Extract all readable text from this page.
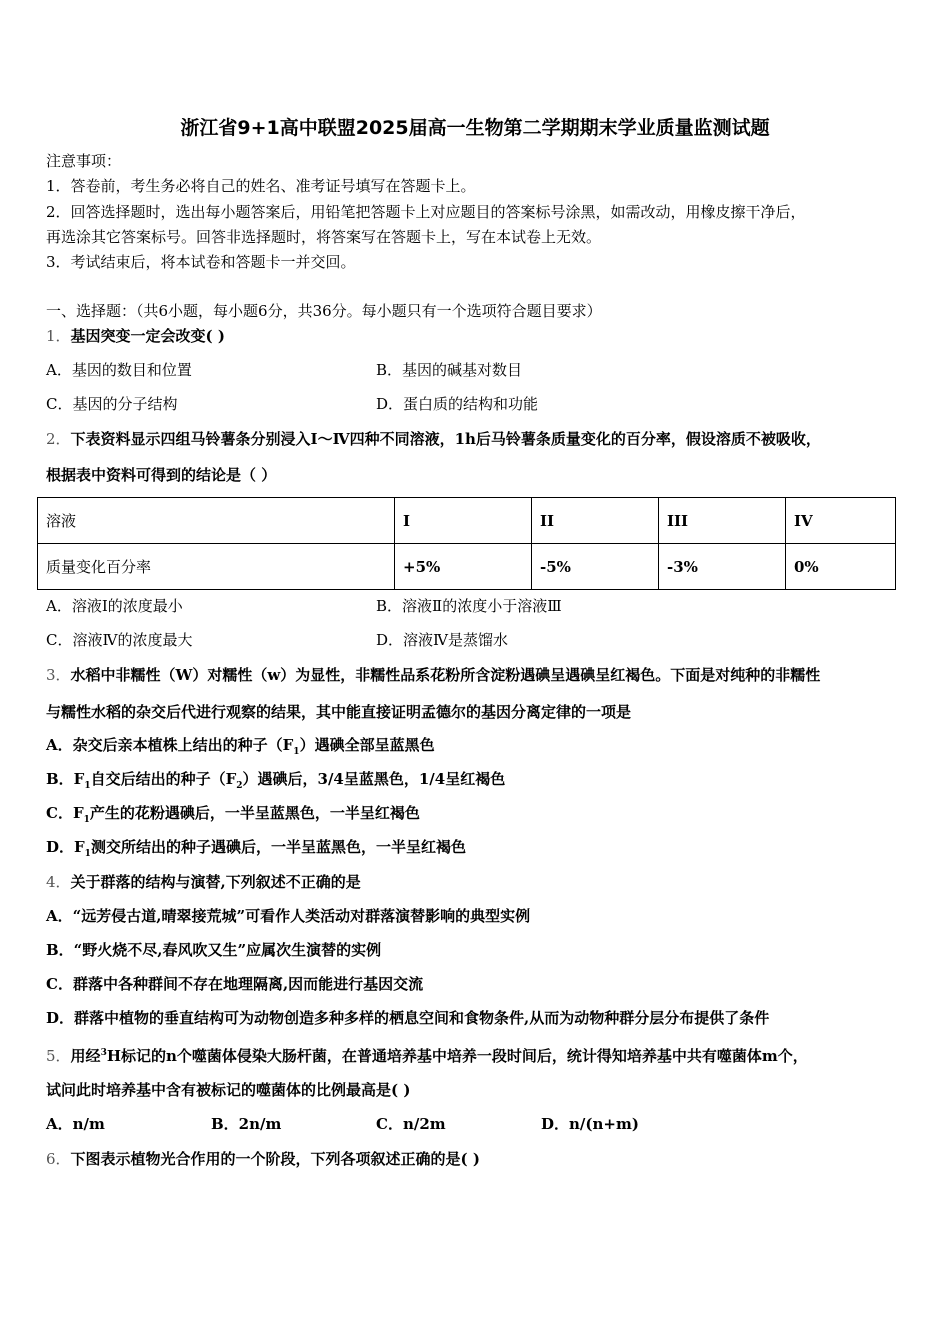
浙江省9+1高中联盟2025届高一生物第二学期期末学业质量监测试题
注意事项：
1．答卷前，考生务必将自己的姓名、准考证号填写在答题卡上。
2．回答选择题时，选出每小题答案后，用铅笔把答题卡上对应题目的答案标号涂黑，如需改动，用橡皮擦干净后，
再选涂其它答案标号。回答非选择题时，将答案写在答题卡上，写在本试卷上无效。
3．考试结束后，将本试卷和答题卡一并交回。
一、选择题：（共6小题，每小题6分，共36分。每小题只有一个选项符合题目要求）
1．基因突变一定会改变( )
A．基因的数目和位置	B．基因的碱基对数目
C．基因的分子结构	D．蛋白质的结构和功能
2．下表资料显示四组马铃薯条分别浸入Ⅰ～Ⅳ四种不同溶液，1h后马铃薯条质量变化的百分率，假设溶质不被吸收，
根据表中资料可得到的结论是（ ）
溶液	I	II	III	IV
质量变化百分率	+5%	-5%	-3%	0%
A．溶液Ⅰ的浓度最小	B．溶液Ⅱ的浓度小于溶液Ⅲ
C．溶液Ⅳ的浓度最大	D．溶液Ⅳ是蒸馏水
3．水稻中非糯性（W）对糯性（w）为显性，非糯性品系花粉所含淀粉遇碘呈遇碘呈红褐色。下面是对纯种的非糯性
与糯性水稻的杂交后代进行观察的结果，其中能直接证明孟德尔的基因分离定律的一项是
A．杂交后亲本植株上结出的种子$(F_1)$遇碘全部呈蓝黑色
B．$F_1$自交后结出的种子$(F_2)$遇碘后，3/4呈蓝黑色，1/4呈红褐色
C．$F_1$产生的花粉遇碘后，一半呈蓝黑色，一半呈红褐色
D．$F_1$测交所结出的种子遇碘后，一半呈蓝黑色，一半呈红褐色
4．关于群落的结构与演替,下列叙述不正确的是
A．“远芳侵古道,晴翠接荒城”可看作人类活动对群落演替影响的典型实例
B．“野火烧不尽,春风吹又生”应属次生演替的实例
C．群落中各种群间不存在地理隔离,因而能进行基因交流
D．群落中植物的垂直结构可为动物创造多种多样的栖息空间和食物条件,从而为动物种群分层分布提供了条件
5．用经$^3$H标记的n个噬菌体侵染大肠杆菌，在普通培养基中培养一段时间后，统计得知培养基中共有噬菌体m个，
试问此时培养基中含有被标记的噬菌体的比例最高是( )
A．n/m	B．2n/m	C．n/2m	D．n/(n+m)
6．下图表示植物光合作用的一个阶段，下列各项叙述正确的是( )
